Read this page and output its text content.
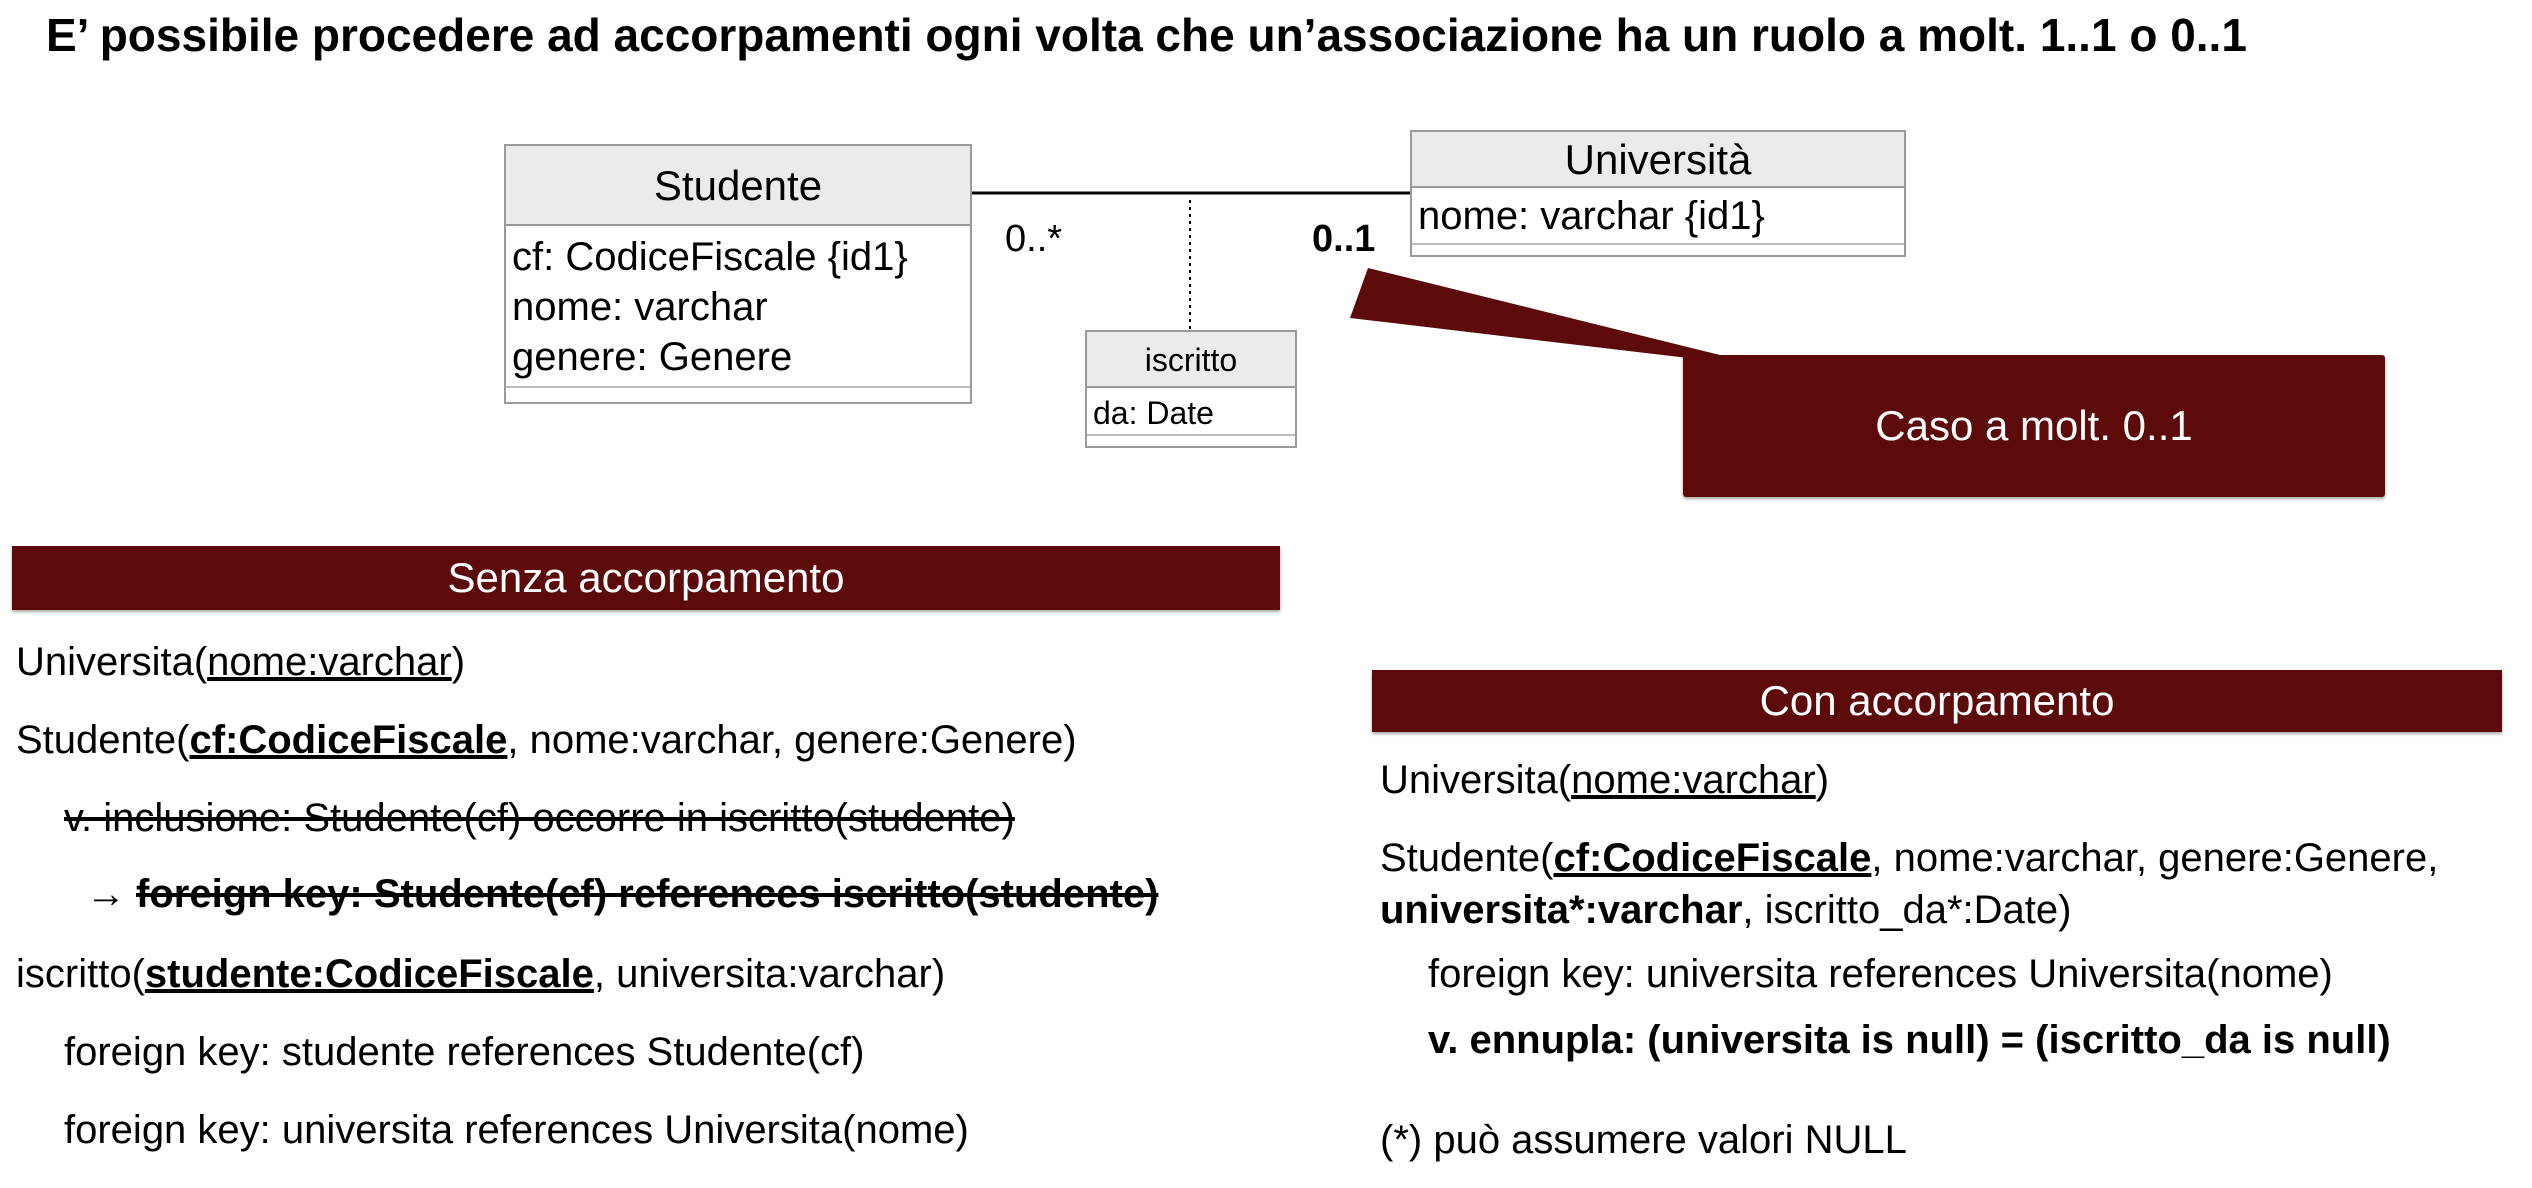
E’ possibile procedere ad accorpamenti ogni volta che un’associazione ha un ruolo a molt. 1..1 o 0..1
Studente
cf: CodiceFiscale {id1}
nome: varchar
genere: Genere
Università
nome: varchar {id1}
iscritto
da: Date
0..*	0..1
Caso a molt. 0..1
Senza accorpamento
Universita(nome:varchar)
Studente(cf:CodiceFiscale, nome:varchar, genere:Genere)
v. inclusione: Studente(cf) occorre in iscritto(studente)
→ foreign key: Studente(cf) references iscritto(studente)
iscritto(studente:CodiceFiscale, universita:varchar)
foreign key: studente references Studente(cf)
foreign key: universita references Universita(nome)
Con accorpamento
Universita(nome:varchar)
Studente(cf:CodiceFiscale, nome:varchar, genere:Genere,
universita*:varchar, iscritto_da*:Date)
foreign key: universita references Universita(nome)
v. ennupla: (universita is null) = (iscritto_da is null)
(*) può assumere valori NULL
